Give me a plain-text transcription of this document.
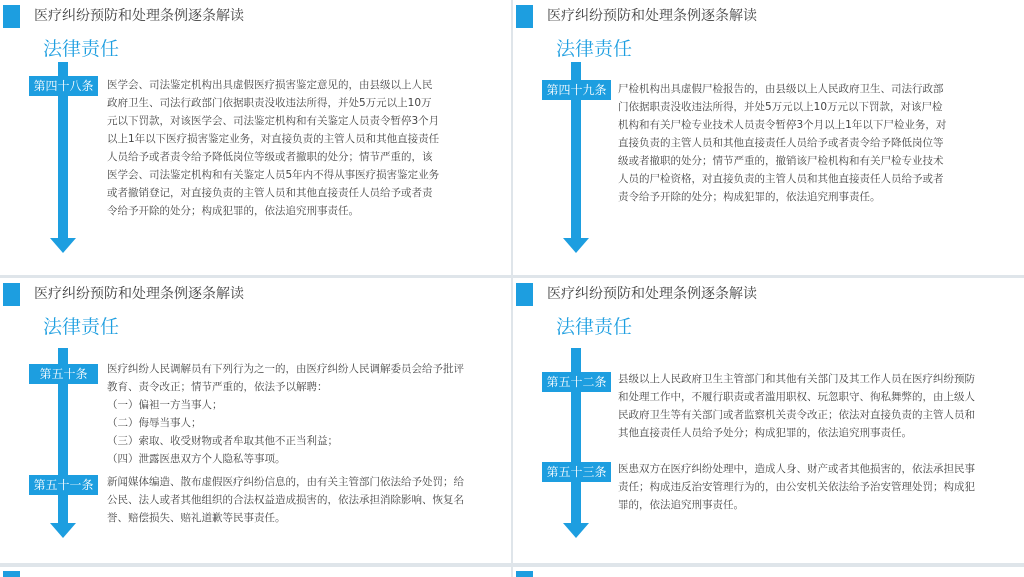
医疗纠纷预防和处理条例逐条解读
法律责任
第四十八条	医学会、司法鉴定机构出具虚假医疗损害鉴定意见的，由县级以上人民

政府卫生、司法行政部门依据职责没收违法所得，并处5万元以上10万

元以下罚款，对该医学会、司法鉴定机构和有关鉴定人员责令暂停3个月

以上1年以下医疗损害鉴定业务，对直接负责的主管人员和其他直接责任

人员给予或者责令给予降低岗位等级或者撤职的处分；情节严重的，该

医学会、司法鉴定机构和有关鉴定人员5年内不得从事医疗损害鉴定业务

或者撤销登记，对直接负责的主管人员和其他直接责任人员给予或者责

令给予开除的处分；构成犯罪的，依法追究刑事责任。

医疗纠纷预防和处理条例逐条解读
法律责任
第四十九条	尸检机构出具虚假尸检报告的，由县级以上人民政府卫生、司法行政部

门依据职责没收违法所得，并处5万元以上10万元以下罚款，对该尸检

机构和有关尸检专业技术人员责令暂停3个月以上1年以下尸检业务，对

直接负责的主管人员和其他直接责任人员给予或者责令给予降低岗位等

级或者撤职的处分；情节严重的，撤销该尸检机构和有关尸检专业技术

人员的尸检资格，对直接负责的主管人员和其他直接责任人员给予或者

责令给予开除的处分；构成犯罪的，依法追究刑事责任。

医疗纠纷预防和处理条例逐条解读
法律责任
第五十条	医疗纠纷人民调解员有下列行为之一的，由医疗纠纷人民调解委员会给予批评

教育、责令改正；情节严重的，依法予以解聘：

（一）偏袒一方当事人；

（二）侮辱当事人；

（三）索取、收受财物或者牟取其他不正当利益；

（四）泄露医患双方个人隐私等事项。

第五十一条	新闻媒体编造、散布虚假医疗纠纷信息的，由有关主管部门依法给予处罚；给

公民、法人或者其他组织的合法权益造成损害的，依法承担消除影响、恢复名

誉、赔偿损失、赔礼道歉等民事责任。

医疗纠纷预防和处理条例逐条解读
法律责任
第五十二条	县级以上人民政府卫生主管部门和其他有关部门及其工作人员在医疗纠纷预防

和处理工作中，不履行职责或者滥用职权、玩忽职守、徇私舞弊的，由上级人

民政府卫生等有关部门或者监察机关责令改正；依法对直接负责的主管人员和

其他直接责任人员给予处分；构成犯罪的，依法追究刑事责任。

第五十三条	医患双方在医疗纠纷处理中，造成人身、财产或者其他损害的，依法承担民事

责任；构成违反治安管理行为的，由公安机关依法给予治安管理处罚；构成犯

罪的，依法追究刑事责任。
